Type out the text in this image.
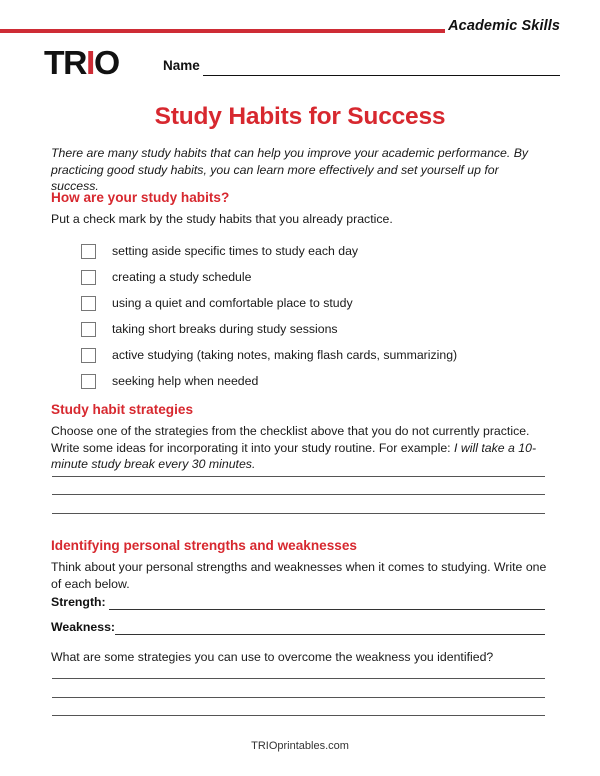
Academic Skills
TRIO	Name
Study Habits for Success
There are many study habits that can help you improve your academic performance. By practicing good study habits, you can learn more effectively and set yourself up for success.
How are your study habits?
Put a check mark by the study habits that you already practice.
setting aside specific times to study each day
creating a study schedule
using a quiet and comfortable place to study
taking short breaks during study sessions
active studying (taking notes, making flash cards, summarizing)
seeking help when needed
Study habit strategies
Choose one of the strategies from the checklist above that you do not currently practice. Write some ideas for incorporating it into your study routine. For example: I will take a 10-minute study break every 30 minutes.
Identifying personal strengths and weaknesses
Think about your personal strengths and weaknesses when it comes to studying. Write one of each below.
Strength:
Weakness:
What are some strategies you can use to overcome the weakness you identified?
TRIOprintables.com
